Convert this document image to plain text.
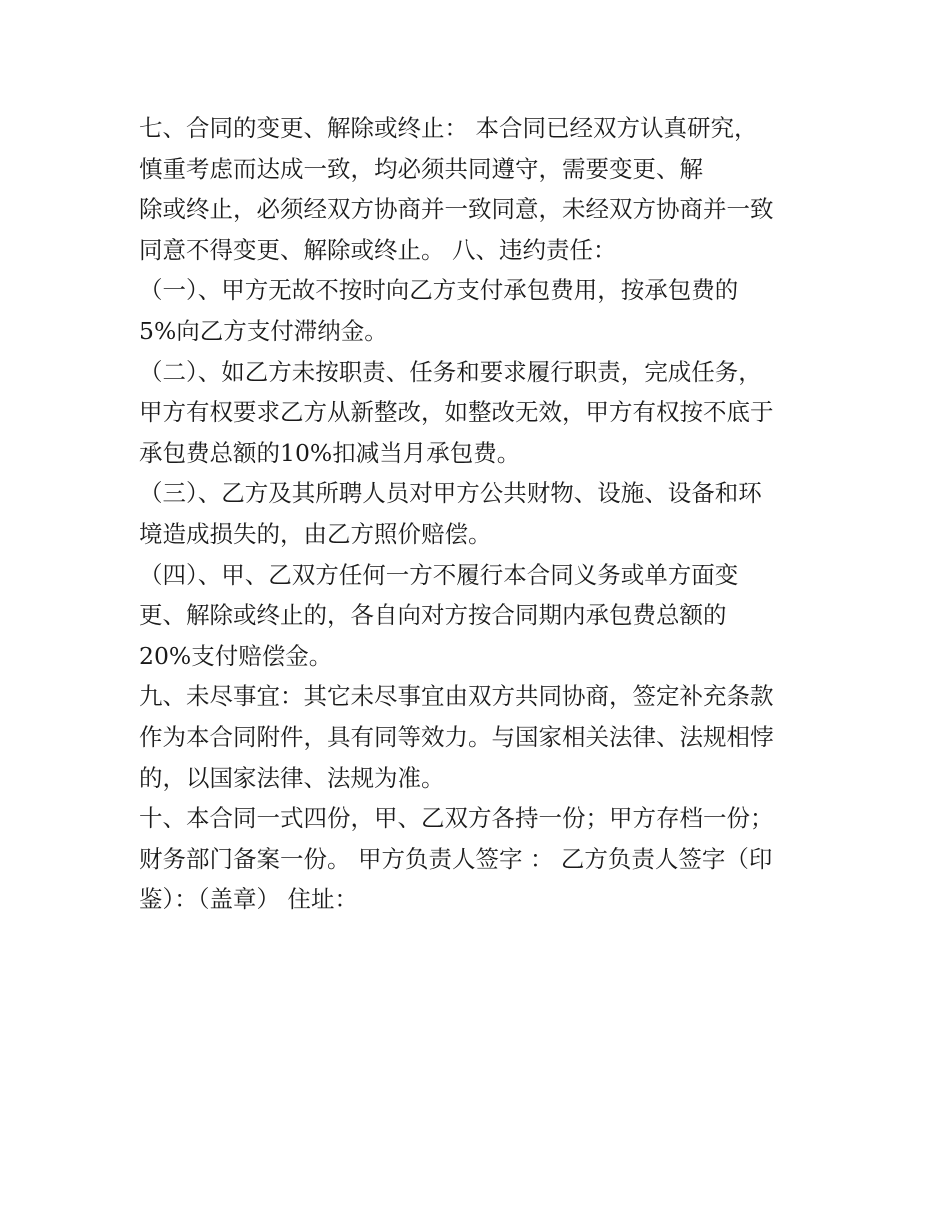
七、合同的变更、解除或终止： 本合同已经双方认真研究，

慎重考虑而达成一致，均必须共同遵守，需要变更、解

除或终止，必须经双方协商并一致同意，未经双方协商并一致

同意不得变更、解除或终止。 八、违约责任：

（一）、甲方无故不按时向乙方支付承包费用，按承包费的

5%向乙方支付滞纳金。

（二）、如乙方未按职责、任务和要求履行职责，完成任务，

甲方有权要求乙方从新整改，如整改无效，甲方有权按不底于

承包费总额的10%扣减当月承包费。

（三）、乙方及其所聘人员对甲方公共财物、设施、设备和环

境造成损失的，由乙方照价赔偿。

（四）、甲、乙双方任何一方不履行本合同义务或单方面变

更、解除或终止的，各自向对方按合同期内承包费总额的

20%支付赔偿金。

九、未尽事宜：其它未尽事宜由双方共同协商，签定补充条款

作为本合同附件，具有同等效力。与国家相关法律、法规相悖

的，以国家法律、法规为准。

十、本合同一式四份，甲、乙双方各持一份；甲方存档一份；

财务部门备案一份。 甲方负责人签字 ： 乙方负责人签字（印

鉴）：（盖章） 住址：
